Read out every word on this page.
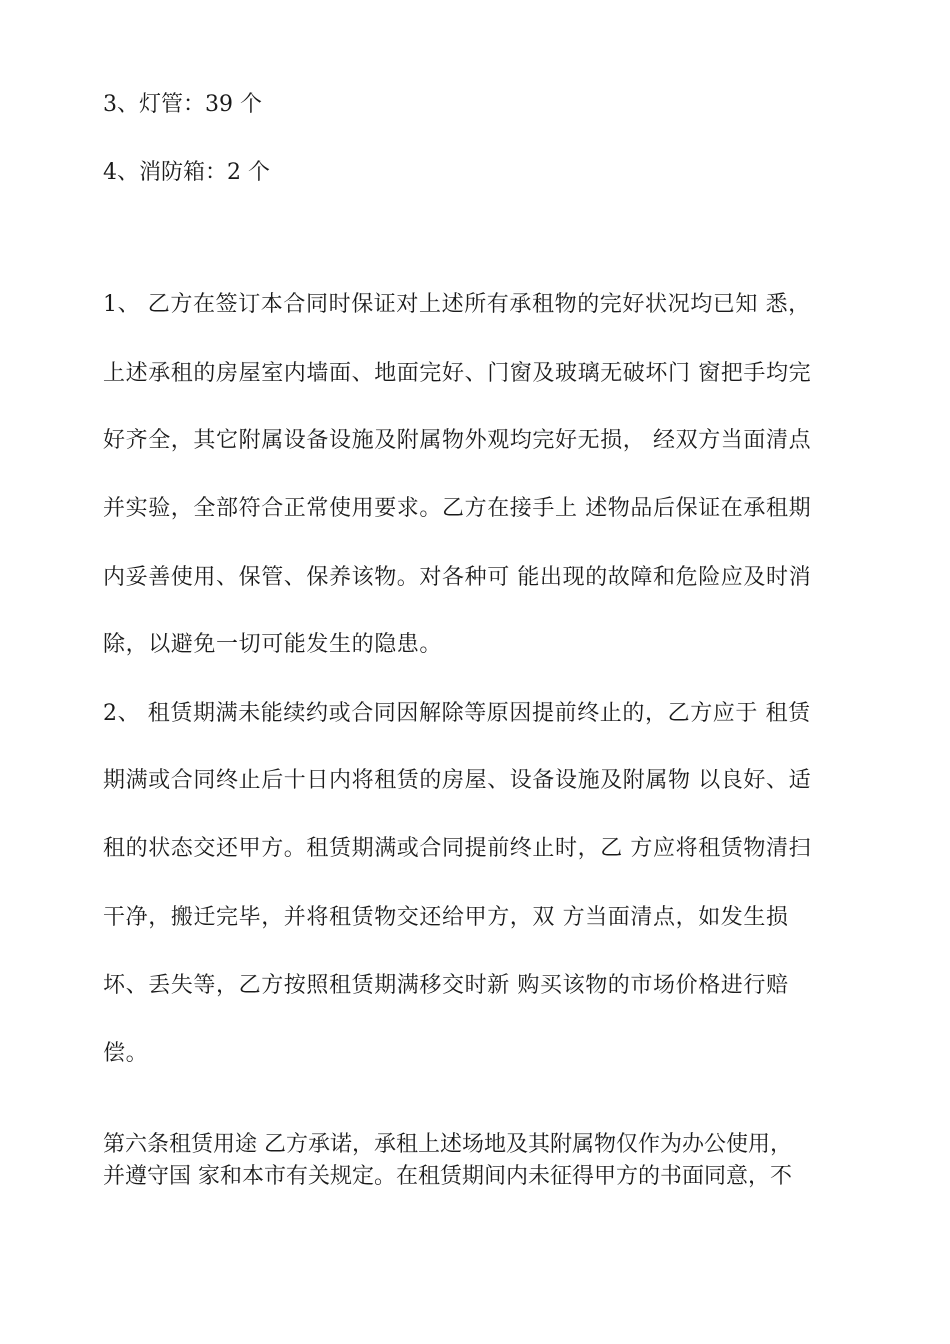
3、灯管：39 个
4、消防箱：2 个
1、 乙方在签订本合同时保证对上述所有承租物的完好状况均已知 悉，
上述承租的房屋室内墙面、地面完好、门窗及玻璃无破坏门 窗把手均完
好齐全，其它附属设备设施及附属物外观均完好无损， 经双方当面清点
并实验，全部符合正常使用要求。乙方在接手上 述物品后保证在承租期
内妥善使用、保管、保养该物。对各种可 能出现的故障和危险应及时消
除，以避免一切可能发生的隐患。
2、 租赁期满未能续约或合同因解除等原因提前终止的，乙方应于 租赁
期满或合同终止后十日内将租赁的房屋、设备设施及附属物 以良好、适
租的状态交还甲方。租赁期满或合同提前终止时，乙 方应将租赁物清扫
干净，搬迁完毕，并将租赁物交还给甲方，双 方当面清点，如发生损
坏、丢失等，乙方按照租赁期满移交时新 购买该物的市场价格进行赔
偿。
第六条租赁用途 乙方承诺，承租上述场地及其附属物仅作为办公使用，
并遵守国 家和本市有关规定。在租赁期间内未征得甲方的书面同意，不
